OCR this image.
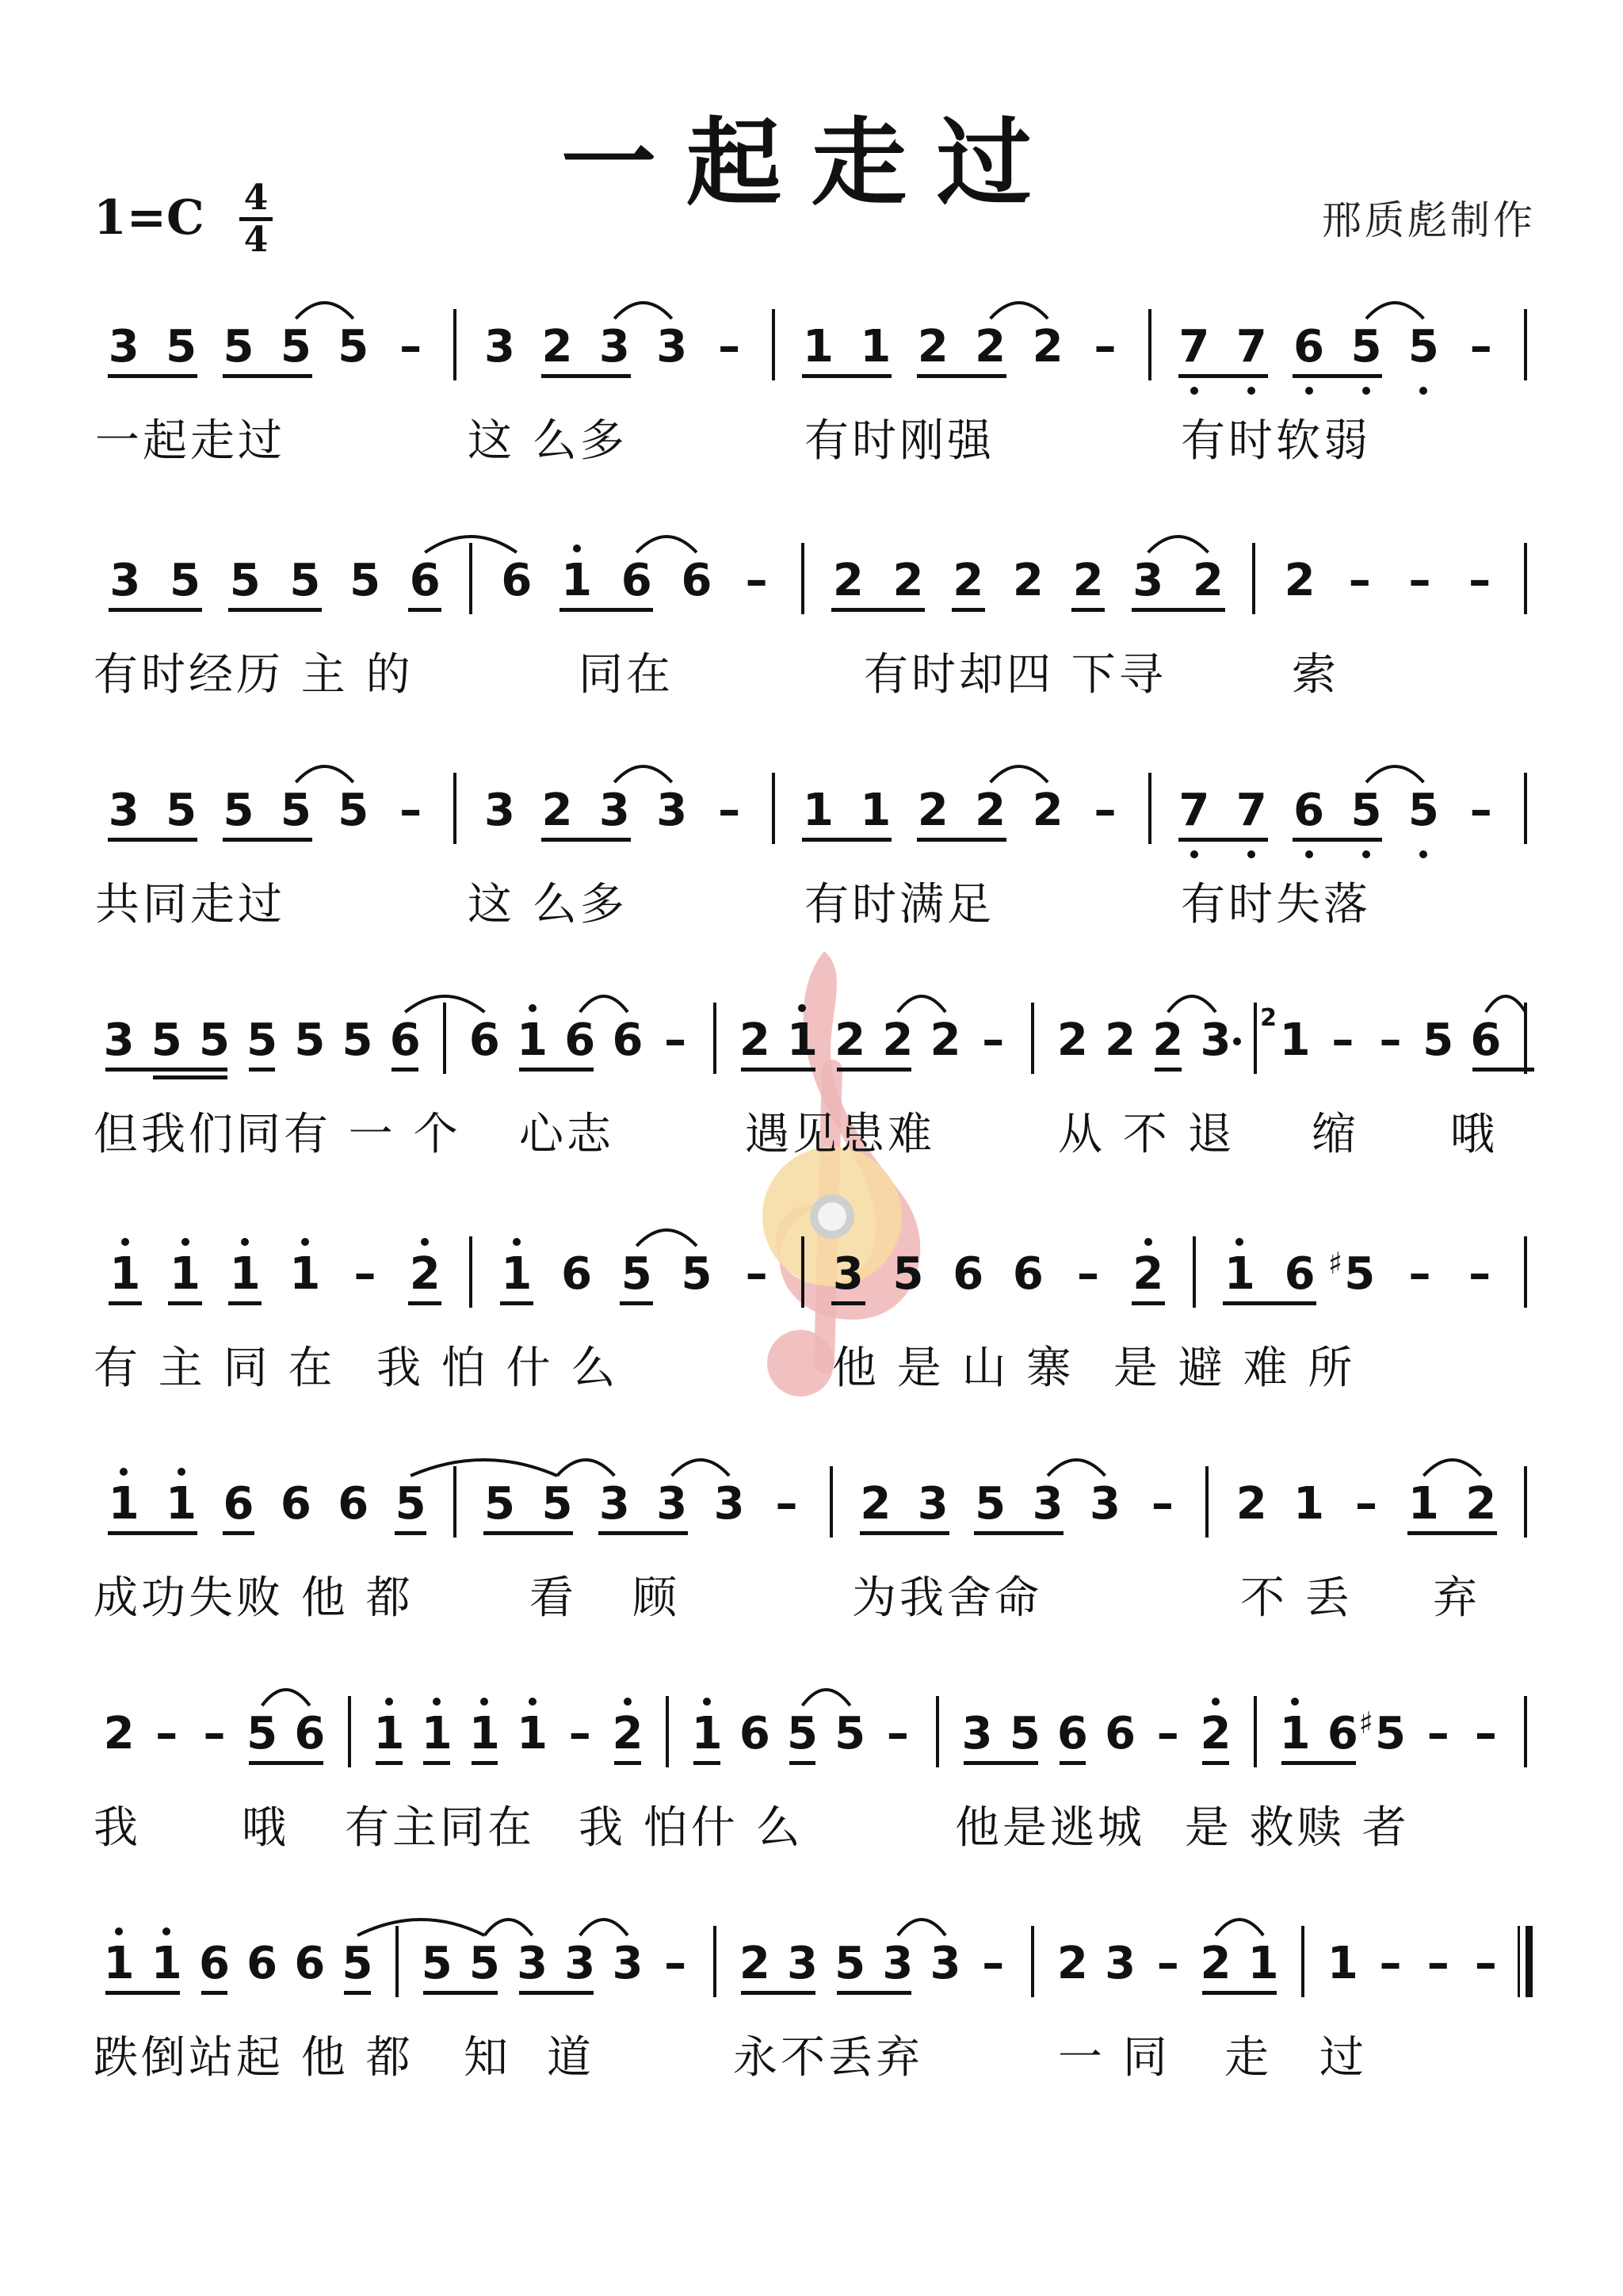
一起走过
1=C 4
4	邢质彪制作
3 5 5 5 5 –	3 2 3 3 –	1 1 2 2 2 –	7 7 6 5 5 –
一起走过	这 么多	有时刚强	有时软弱
3 5 5 5 5 6	6 1 6 6 –	2 2 2 2 2 3 2	2 – – –
有时经历 主 的	同在	有时却四 下寻	索
3 5 5 5 5 –	3 2 3 3 –	1 1 2 2 2 –	7 7 6 5 5 –
共同走过	这 么多	有时满足	有时失落
3 5 5 5 5 5 6 6 1 6 6 – 2 1 2 2 2 – 2 2 2 3 1
2 – – 5 6
但我们同有 一 个 心志	遇见患难	从 不 退 缩 哦
1 1 1 1 – 2	1 6 5 5 –	3 5 6 6 – 2	1 6 5
♯	– –
有 主 同 在 我 怕 什 么	他 是 山 寨 是 避 难 所
1 1 6 6 6 5 5 5 3 3 3 –	2 3 5 3 3 –	2 1 – 1 2
成功失败 他 都	看 顾	为我舍命	不 丢 弃
2 – – 5 6 1 1 1 1 – 2 1 6 5 5 – 3 5 6 6 – 2 1 6 5
♯ – –
我 哦 有主同在 我 怕什 么	他是逃城 是 救赎 者
1 1 6 6 6 5 5 5 3 3 3 – 2 3 5 3 3 – 2 3 – 2 1 1 – – –
跌倒站起 他 都 知 道	永不丢弃	一 同 走 过
